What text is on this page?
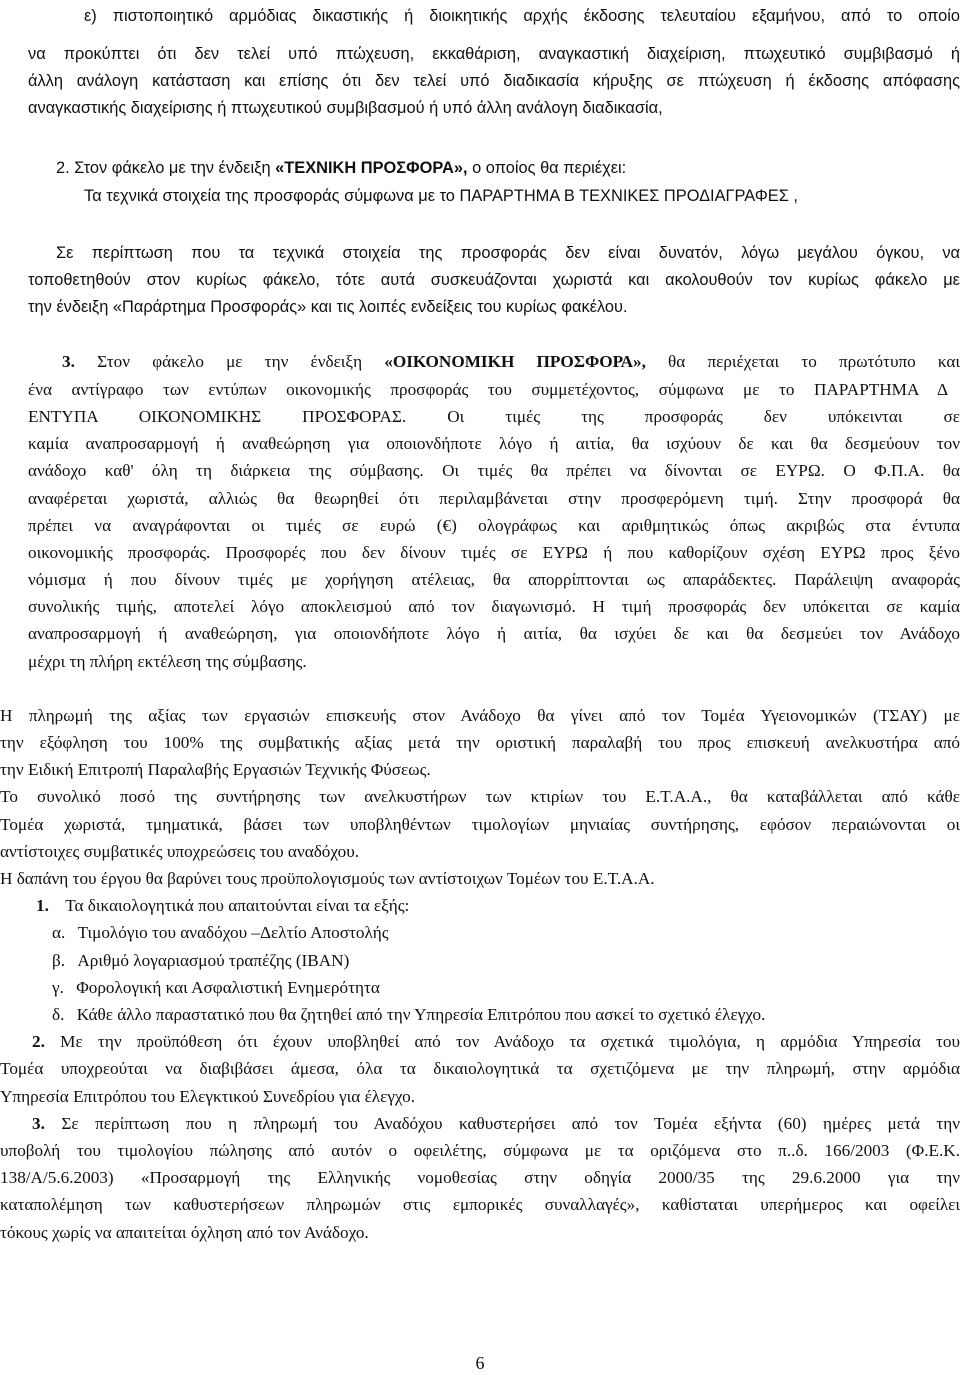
ε) πιστοποιητικό αρμόδιας δικαστικής ή διοικητικής αρχής έκδοσης τελευταίου εξαμήνου, από το οποίο
να προκύπτει ότι δεν τελεί υπό πτώχευση, εκκαθάριση, αναγκαστική διαχείριση, πτωχευτικό συμβιβασμό ή
άλλη ανάλογη κατάσταση και επίσης ότι δεν τελεί υπό διαδικασία κήρυξης σε πτώχευση ή έκδοσης απόφασης
αναγκαστικής διαχείρισης ή πτωχευτικού συμβιβασμού ή υπό άλλη ανάλογη διαδικασία,
2. Στον φάκελο με την ένδειξη «ΤΕΧΝΙΚΗ ΠΡΟΣΦΟΡΑ», ο οποίος θα περιέχει:
Τα τεχνικά στοιχεία της προσφοράς σύμφωνα με το ΠΑΡΑΡΤΗΜΑ Β ΤΕΧΝΙΚΕΣ ΠΡΟΔΙΑΓΡΑΦΕΣ ,
Σε περίπτωση που τα τεχνικά στοιχεία της προσφοράς δεν είναι δυνατόν, λόγω μεγάλου όγκου, να
τοποθετηθούν στον κυρίως φάκελο, τότε αυτά συσκευάζονται χωριστά και ακολουθούν τον κυρίως φάκελο με
την ένδειξη «Παράρτημα Προσφοράς» και τις λοιπές ενδείξεις του κυρίως φακέλου.
3. Στον φάκελο με την ένδειξη «ΟΙΚΟΝΟΜΙΚΗ ΠΡΟΣΦΟΡΑ», θα περιέχεται το πρωτότυπο και
ένα αντίγραφο των εντύπων οικονομικής προσφοράς του συμμετέχοντος, σύμφωνα με το ΠΑΡΑΡΤΗΜΑ Δ
ΕΝΤΥΠΑ ΟΙΚΟΝΟΜΙΚΗΣ ΠΡΟΣΦΟΡΑΣ. Οι τιμές της προσφοράς δεν υπόκεινται σε
καμία αναπροσαρμογή ή αναθεώρηση για οποιονδήποτε λόγο ή αιτία, θα ισχύουν δε και θα δεσμεύουν τον
ανάδοχο καθ' όλη τη διάρκεια της σύμβασης. Οι τιμές θα πρέπει να δίνονται σε ΕΥΡΩ. Ο Φ.Π.Α. θα
αναφέρεται χωριστά, αλλιώς θα θεωρηθεί ότι περιλαμβάνεται στην προσφερόμενη τιμή. Στην προσφορά θα
πρέπει να αναγράφονται οι τιμές σε ευρώ (€) ολογράφως και αριθμητικώς όπως ακριβώς στα έντυπα
οικονομικής προσφοράς. Προσφορές που δεν δίνουν τιμές σε ΕΥΡΩ ή που καθορίζουν σχέση ΕΥΡΩ προς ξένο
νόμισμα ή που δίνουν τιμές με χορήγηση ατέλειας, θα απορρίπτονται ως απαράδεκτες. Παράλειψη αναφοράς
συνολικής τιμής, αποτελεί λόγο αποκλεισμού από τον διαγωνισμό. Η τιμή προσφοράς δεν υπόκειται σε καμία
αναπροσαρμογή ή αναθεώρηση, για οποιονδήποτε λόγο ή αιτία, θα ισχύει δε και θα δεσμεύει τον Ανάδοχο
μέχρι τη πλήρη εκτέλεση της σύμβασης.
Η πληρωμή της αξίας των εργασιών επισκευής στον Ανάδοχο θα γίνει από τον Τομέα Υγειονομικών (ΤΣΑΥ) με
την εξόφληση του 100% της συμβατικής αξίας μετά την οριστική παραλαβή του προς επισκευή ανελκυστήρα από
την Ειδική Επιτροπή Παραλαβής Εργασιών Τεχνικής Φύσεως.
Το συνολικό ποσό της συντήρησης των ανελκυστήρων των κτιρίων του Ε.Τ.Α.Α., θα καταβάλλεται από κάθε
Τομέα χωριστά, τμηματικά, βάσει των υποβληθέντων τιμολογίων μηνιαίας συντήρησης, εφόσον περαιώνονται οι
αντίστοιχες συμβατικές υποχρεώσεις του αναδόχου.
Η δαπάνη του έργου θα βαρύνει τους προϋπολογισμούς των αντίστοιχων Τομέων του Ε.Τ.Α.Α.
1. Τα δικαιολογητικά που απαιτούνται είναι τα εξής:
α. Τιμολόγιο του αναδόχου –Δελτίο Αποστολής
β. Αριθμό λογαριασμού τραπέζης (IBAN)
γ. Φορολογική και Ασφαλιστική Ενημερότητα
δ. Κάθε άλλο παραστατικό που θα ζητηθεί από την Υπηρεσία Επιτρόπου που ασκεί το σχετικό έλεγχο.
2. Με την προϋπόθεση ότι έχουν υποβληθεί από τον Ανάδοχο τα σχετικά τιμολόγια, η αρμόδια Υπηρεσία του
Τομέα υποχρεούται να διαβιβάσει άμεσα, όλα τα δικαιολογητικά τα σχετιζόμενα με την πληρωμή, στην αρμόδια
Υπηρεσία Επιτρόπου του Ελεγκτικού Συνεδρίου για έλεγχο.
3. Σε περίπτωση που η πληρωμή του Αναδόχου καθυστερήσει από τον Τομέα εξήντα (60) ημέρες μετά την
υποβολή του τιμολογίου πώλησης από αυτόν ο οφειλέτης, σύμφωνα με τα οριζόμενα στο π..δ. 166/2003 (Φ.Ε.Κ.
138/Α/5.6.2003) «Προσαρμογή της Ελληνικής νομοθεσίας στην οδηγία 2000/35 της 29.6.2000 για την
καταπολέμηση των καθυστερήσεων πληρωμών στις εμπορικές συναλλαγές», καθίσταται υπερήμερος και οφείλει
τόκους χωρίς να απαιτείται όχληση από τον Ανάδοχο.
6
